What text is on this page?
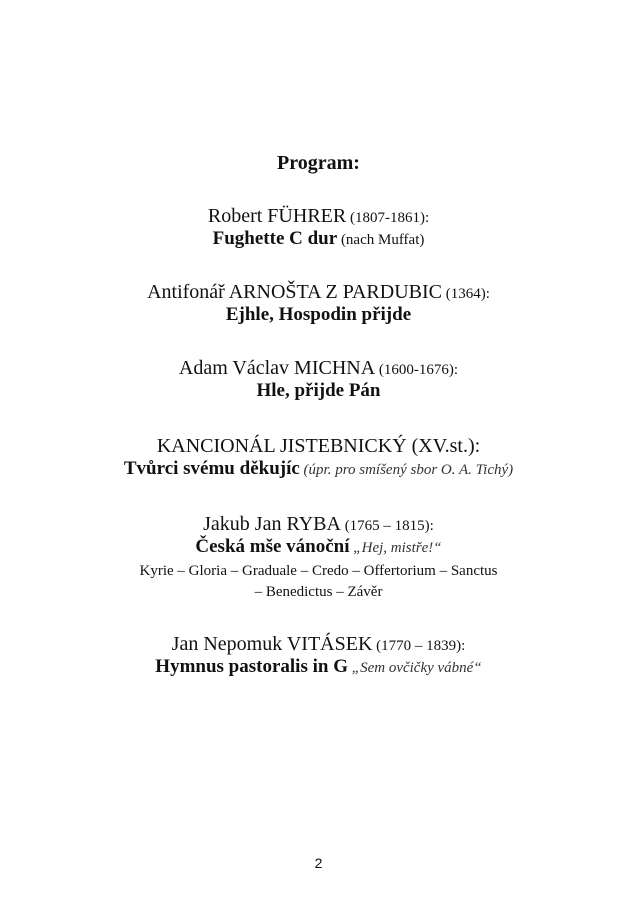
Program:
Robert FÜHRER (1807-1861):
Fughette C dur (nach Muffat)
Antifonář ARNOŠTA Z PARDUBIC (1364):
Ejhle, Hospodin přijde
Adam Václav MICHNA (1600-1676):
Hle, přijde Pán
KANCIONÁL JISTEBNICKÝ (XV.st.):
Tvůrci svému děkujíc (úpr. pro smíšený sbor O. A. Tichý)
Jakub Jan RYBA (1765 – 1815):
Česká mše vánoční „Hej, mistře!“
Kyrie – Gloria – Graduale – Credo – Offertorium – Sanctus
– Benedictus – Závěr
Jan Nepomuk VITÁSEK (1770 – 1839):
Hymnus pastoralis in G „Sem ovčičky vábné“
2
